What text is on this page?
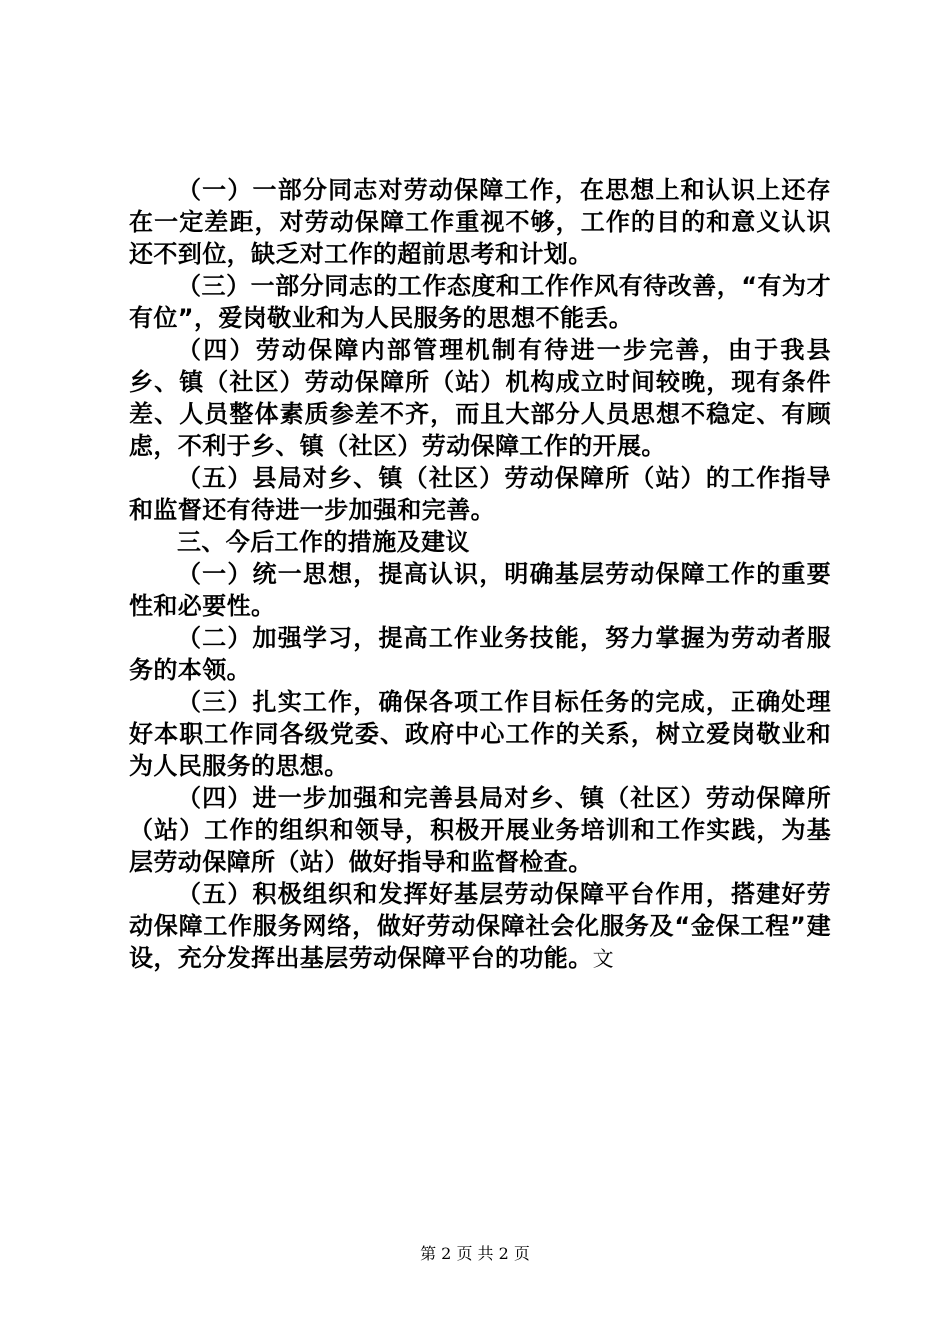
（一）一部分同志对劳动保障工作，在思想上和认识上还存在一定差距，对劳动保障工作重视不够，工作的目的和意义认识还不到位，缺乏对工作的超前思考和计划。

（三）一部分同志的工作态度和工作作风有待改善，“有为才有位”，爱岗敬业和为人民服务的思想不能丢。

（四）劳动保障内部管理机制有待进一步完善，由于我县乡、镇（社区）劳动保障所（站）机构成立时间较晚，现有条件差、人员整体素质参差不齐，而且大部分人员思想不稳定、有顾虑，不利于乡、镇（社区）劳动保障工作的开展。

（五）县局对乡、镇（社区）劳动保障所（站）的工作指导和监督还有待进一步加强和完善。

三、今后工作的措施及建议

（一）统一思想，提高认识，明确基层劳动保障工作的重要性和必要性。

（二）加强学习，提高工作业务技能，努力掌握为劳动者服务的本领。

（三）扎实工作，确保各项工作目标任务的完成，正确处理好本职工作同各级党委、政府中心工作的关系，树立爱岗敬业和为人民服务的思想。

（四）进一步加强和完善县局对乡、镇（社区）劳动保障所（站）工作的组织和领导，积极开展业务培训和工作实践，为基层劳动保障所（站）做好指导和监督检查。

（五）积极组织和发挥好基层劳动保障平台作用，搭建好劳动保障工作服务网络，做好劳动保障社会化服务及“金保工程”建设，充分发挥出基层劳动保障平台的功能。文

第 2 页 共 2 页
